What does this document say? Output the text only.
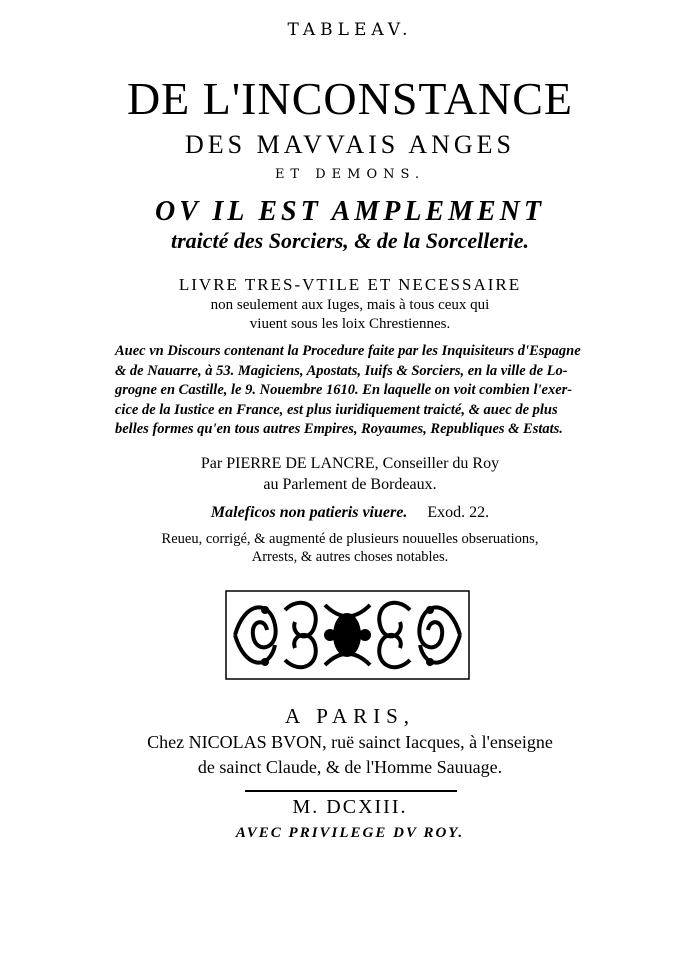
TABLEAV.
DE L'INCONSTANCE
DES MAVVAIS ANGES
ET DEMONS.
OV IL EST AMPLEMENT
traicté des Sorciers, & de la Sorcellerie.
LIVRE TRES-VTILE ET NECESSAIRE
non seulement aux Iuges, mais à tous ceux qui
viuent sous les loix Chrestiennes.
Auec vn Discours contenant la Procedure faite par les Inquisiteurs d'Espagne
& de Nauarre, à 53. Magiciens, Apostats, Iuifs & Sorciers, en la ville de Lo-
grogne en Castille, le 9. Nouembre 1610. En laquelle on voit combien l'exer-
cice de la Iustice en France, est plus iuridiquement traicté, & auec de plus
belles formes qu'en tous autres Empires, Royaumes, Republiques & Estats.
Par PIERRE DE LANCRE, Conseiller du Roy
au Parlement de Bordeaux.
Maleficos non patieris viuere. Exod. 22.
Reueu, corrigé, & augmenté de plusieurs nouuelles obseruations,
Arrests, & autres choses notables.
A PARIS,
Chez NICOLAS BVON, ruë sainct Iacques, à l'enseigne
de sainct Claude, & de l'Homme Sauuage.
M. DCXIII.
AVEC PRIVILEGE DV ROY.
